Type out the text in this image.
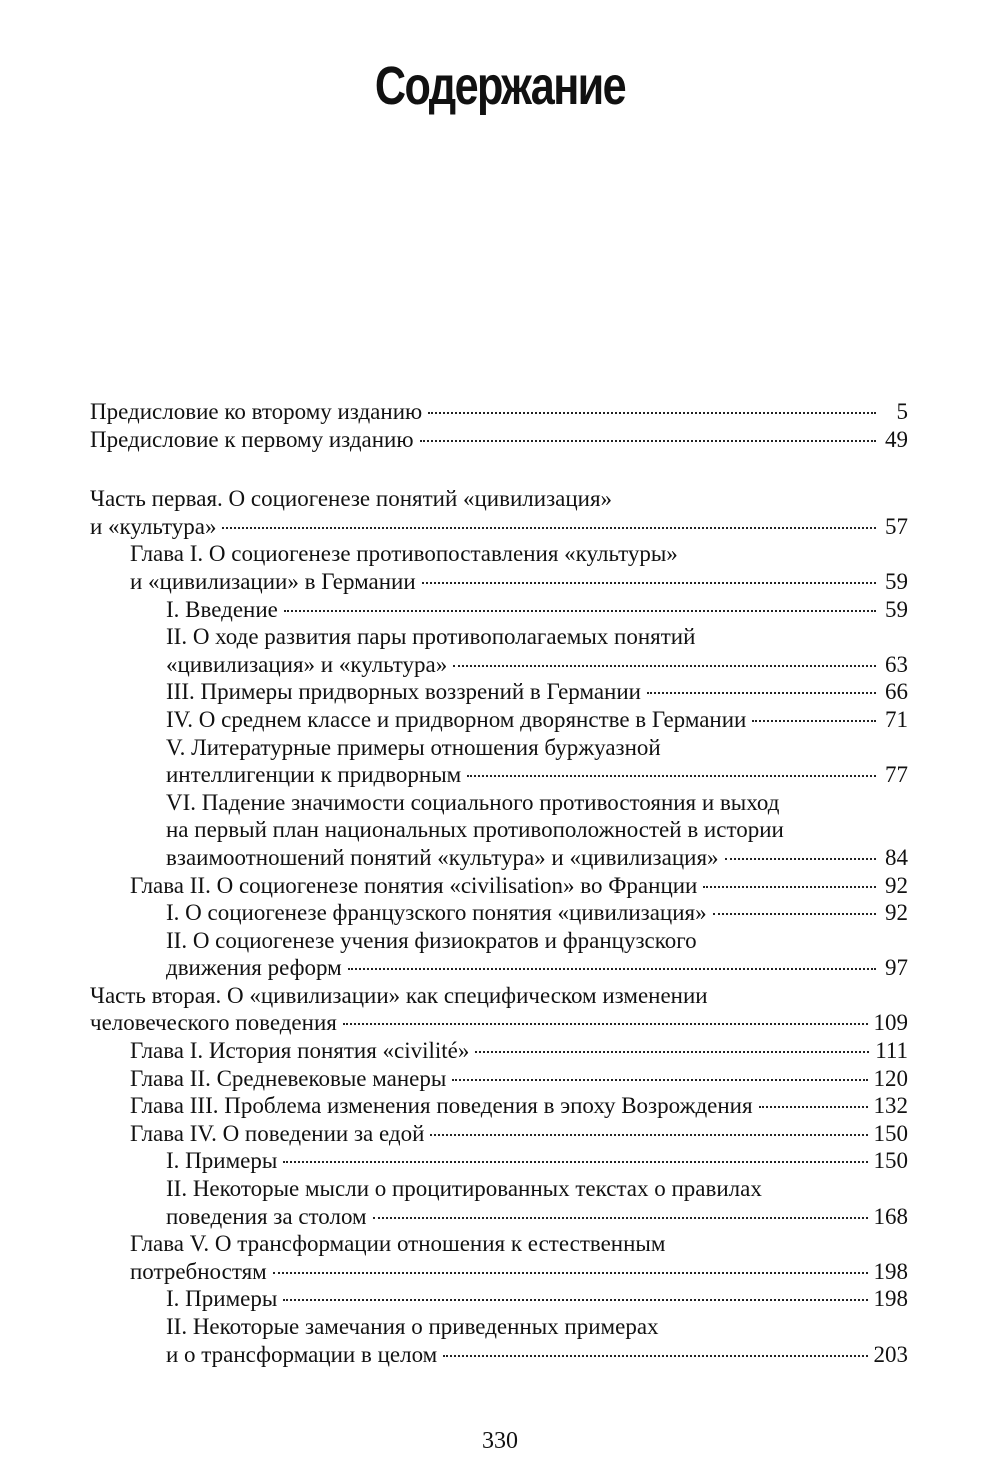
Содержание
Предисловие ко второму изданию	5
Предисловие к первому изданию	49
Часть первая. О социогенезе понятий «цивилизация»
и «культура»	57
Глава I. О социогенезе противопоставления «культуры»
и «цивилизации» в Германии	59
I. Введение	59
II. О ходе развития пары противополагаемых понятий
«цивилизация» и «культура»	63
III. Примеры придворных воззрений в Германии	66
IV. О среднем классе и придворном дворянстве в Германии	71
V. Литературные примеры отношения буржуазной
интеллигенции к придворным	77
VI. Падение значимости социального противостояния и выход
на первый план национальных противоположностей в истории
взаимоотношений понятий «культура» и «цивилизация»	84
Глава II. О социогенезе понятия «civilisation» во Франции	92
I. О социогенезе французского понятия «цивилизация»	92
II. О социогенезе учения физиократов и французского
движения реформ	97
Часть вторая. О «цивилизации» как специфическом изменении
человеческого поведения	109
Глава I. История понятия «civilité»	111
Глава II. Средневековые манеры	120
Глава III. Проблема изменения поведения в эпоху Возрождения	132
Глава IV. О поведении за едой	150
I. Примеры	150
II. Некоторые мысли о процитированных текстах о правилах
поведения за столом	168
Глава V. О трансформации отношения к естественным
потребностям	198
I. Примеры	198
II. Некоторые замечания о приведенных примерах
и о трансформации в целом	203
330
